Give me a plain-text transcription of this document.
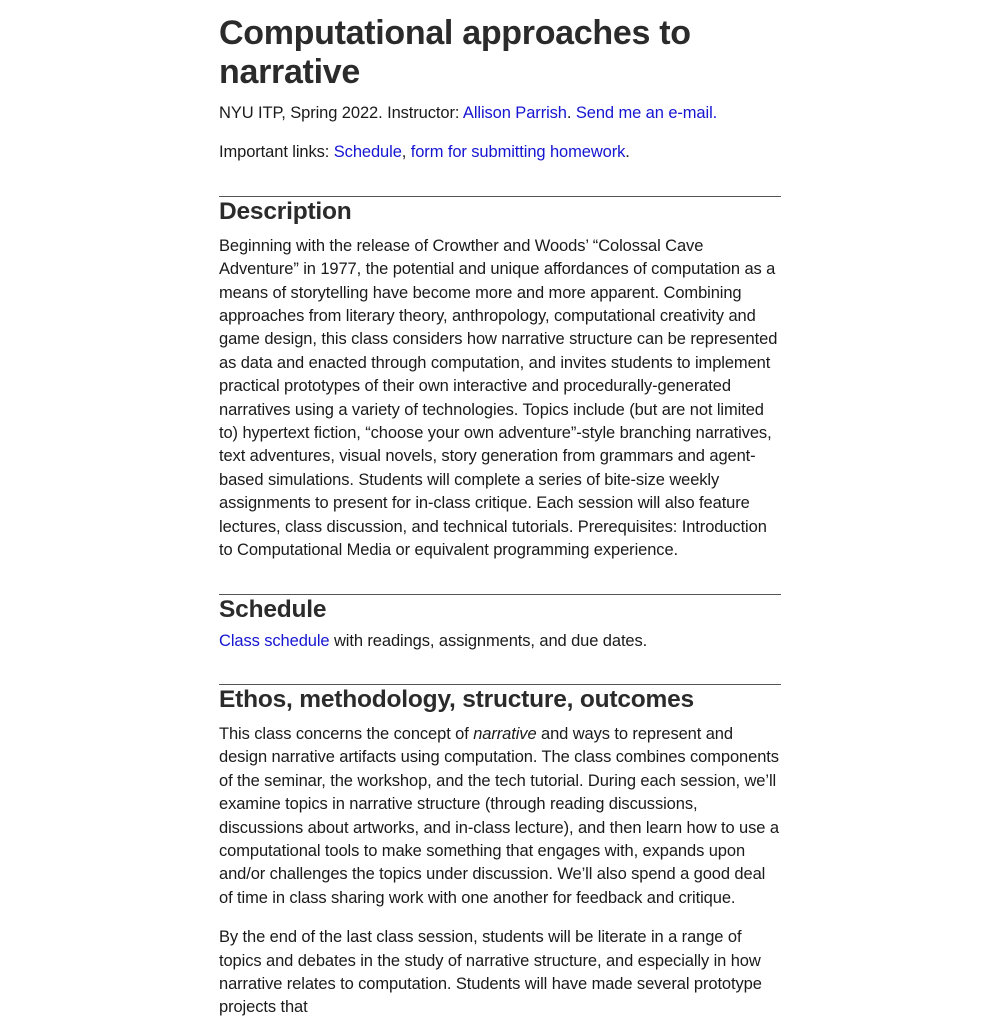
Computational approaches to narrative

NYU ITP, Spring 2022. Instructor: Allison Parrish. Send me an e-mail.

Important links: Schedule, form for submitting homework.

Description

Beginning with the release of Crowther and Woods’ “Colossal Cave Adventure” in 1977, the potential and unique affordances of computation as a means of storytelling have become more and more apparent. Combining approaches from literary theory, anthropology, computational creativity and game design, this class considers how narrative structure can be represented as data and enacted through computation, and invites students to implement practical prototypes of their own interactive and procedurally-generated narratives using a variety of technologies. Topics include (but are not limited to) hypertext fiction, “choose your own adventure”-style branching narratives, text adventures, visual novels, story generation from grammars and agent-based simulations. Students will complete a series of bite-size weekly assignments to present for in-class critique. Each session will also feature lectures, class discussion, and technical tutorials. Prerequisites: Introduction to Computational Media or equivalent programming experience.

Schedule

Class schedule with readings, assignments, and due dates.

Ethos, methodology, structure, outcomes

This class concerns the concept of narrative and ways to represent and design narrative artifacts using computation. The class combines components of the seminar, the workshop, and the tech tutorial. During each session, we’ll examine topics in narrative structure (through reading discussions, discussions about artworks, and in-class lecture), and then learn how to use a computational tools to make something that engages with, expands upon and/or challenges the topics under discussion. We’ll also spend a good deal of time in class sharing work with one another for feedback and critique.

By the end of the last class session, students will be literate in a range of topics and debates in the study of narrative structure, and especially in how narrative relates to computation. Students will have made several prototype projects that
